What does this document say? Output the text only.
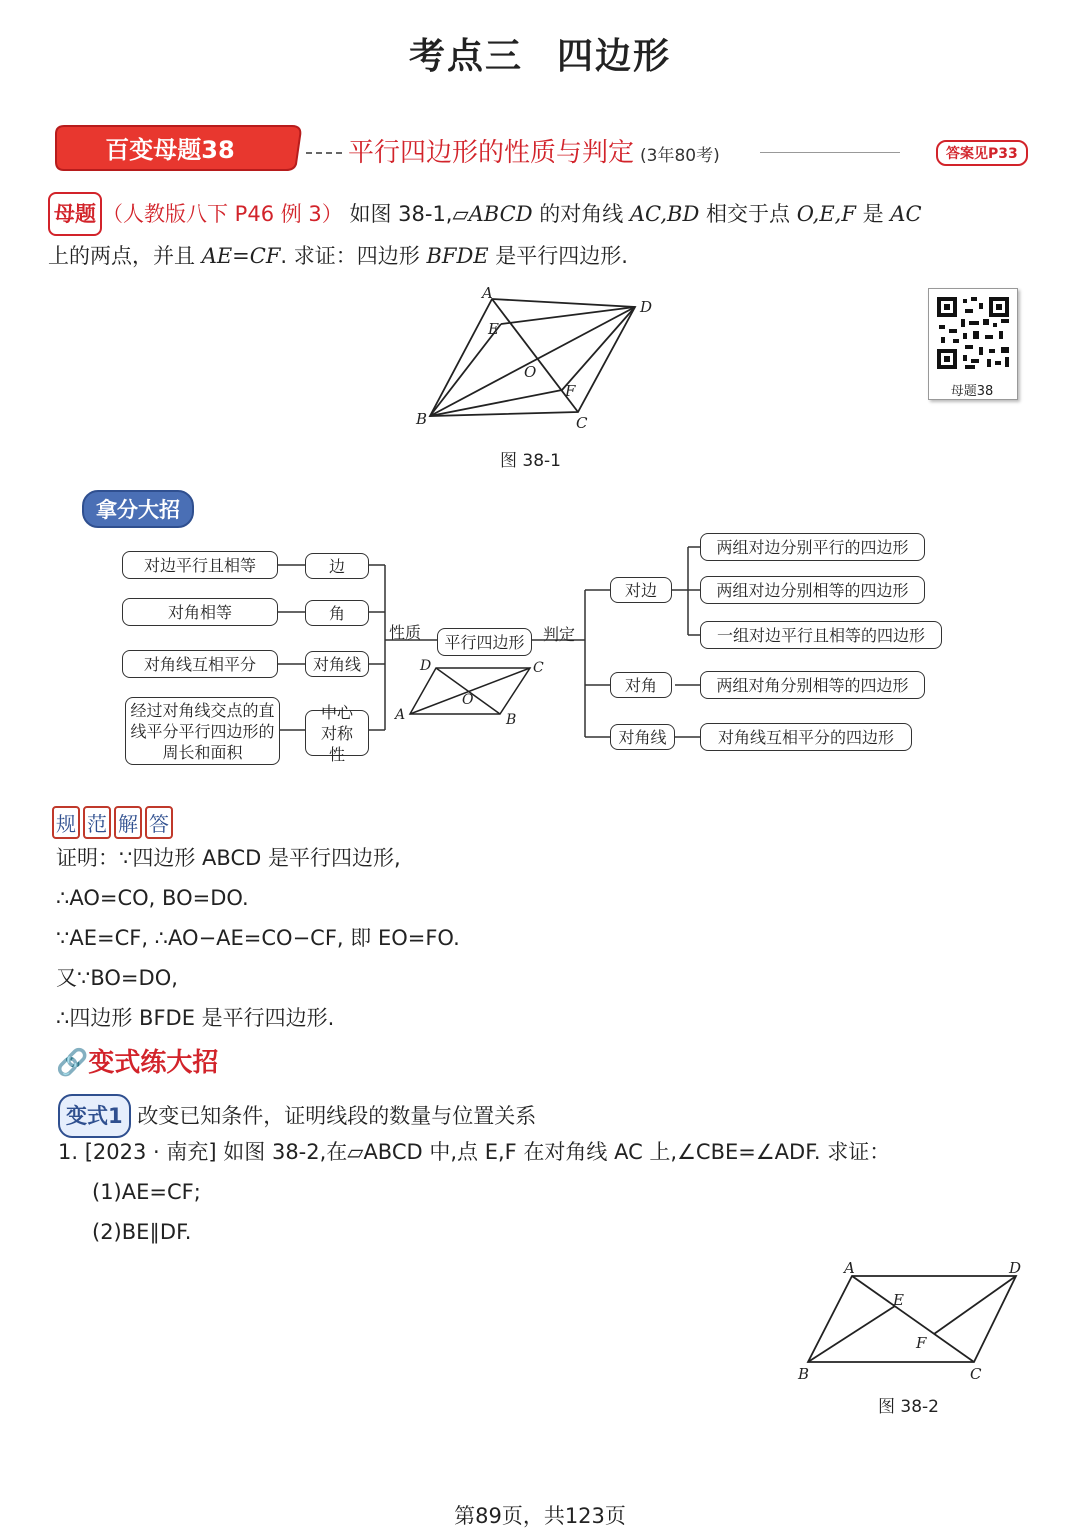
考点三 四边形
百变母题38	平行四边形的性质与判定 (3年80考)	答案见P33
母题 （人教版八下 P46 例 3） 如图 38-1,▱ABCD 的对角线 AC,BD 相交于点 O,E,F 是 AC
上的两点，并且 AE=CF. 求证：四边形 BFDE 是平行四边形.
A
D
B	C
E
F
O
图 38-1
母题38
拿分大招
对边平行且相等
对角相等
对角线互相平分
经过对角线交点的直线平分平行四边形的周长和面积
边
角
对角线
中心对称性
性质	判定
平行四边形
D	C
A	B
O
对边
对角
对角线
两组对边分别平行的四边形
两组对边分别相等的四边形
一组对边平行且相等的四边形
两组对角分别相等的四边形
对角线互相平分的四边形
规 范 解 答
证明：∵四边形 ABCD 是平行四边形,
∴AO=CO, BO=DO.
∵AE=CF, ∴AO−AE=CO−CF, 即 EO=FO.
又∵BO=DO,
∴四边形 BFDE 是平行四边形.
🔗变式练大招
变式1 改变已知条件，证明线段的数量与位置关系
1. [2023 · 南充] 如图 38-2,在▱ABCD 中,点 E,F 在对角线 AC 上,∠CBE=∠ADF. 求证：
(1)AE=CF;
(2)BE∥DF.
A	D
B	C
E
F
图 38-2
第89页，共123页
